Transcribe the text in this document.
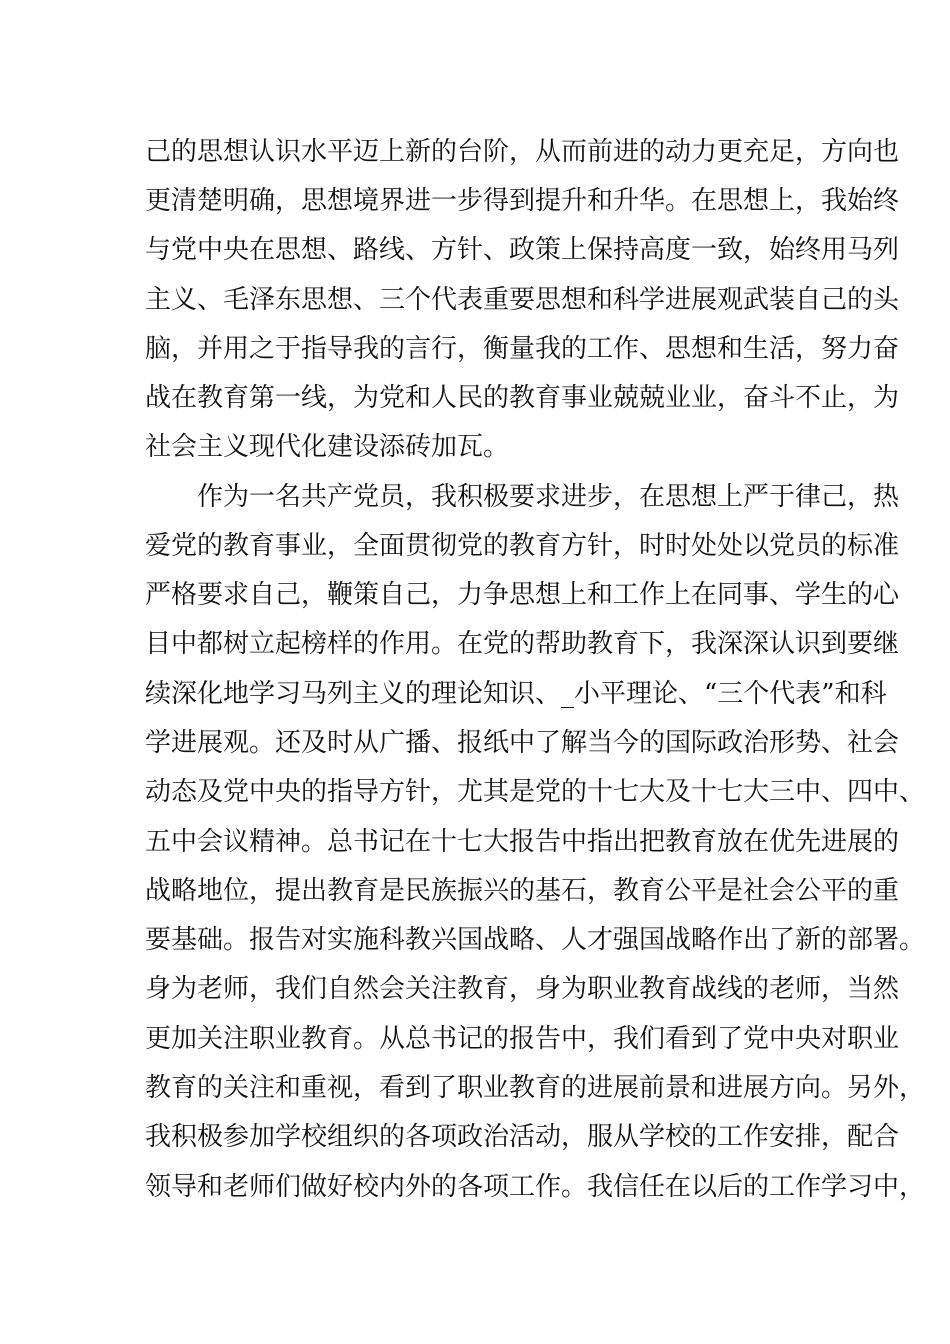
己的思想认识水平迈上新的台阶，从而前进的动力更充足，方向也

更清楚明确，思想境界进一步得到提升和升华。在思想上，我始终

与党中央在思想、路线、方针、政策上保持高度一致，始终用马列

主义、毛泽东思想、三个代表重要思想和科学进展观武装自己的头

脑，并用之于指导我的言行，衡量我的工作、思想和生活，努力奋

战在教育第一线，为党和人民的教育事业兢兢业业，奋斗不止，为

社会主义现代化建设添砖加瓦。

作为一名共产党员，我积极要求进步，在思想上严于律己，热

爱党的教育事业，全面贯彻党的教育方针，时时处处以党员的标准

严格要求自己，鞭策自己，力争思想上和工作上在同事、学生的心

目中都树立起榜样的作用。在党的帮助教育下，我深深认识到要继

续深化地学习马列主义的理论知识、_小平理论、“三个代表”和科

学进展观。还及时从广播、报纸中了解当今的国际政治形势、社会

动态及党中央的指导方针，尤其是党的十七大及十七大三中、四中、

五中会议精神。总书记在十七大报告中指出把教育放在优先进展的

战略地位，提出教育是民族振兴的基石，教育公平是社会公平的重

要基础。报告对实施科教兴国战略、人才强国战略作出了新的部署。

身为老师，我们自然会关注教育，身为职业教育战线的老师，当然

更加关注职业教育。从总书记的报告中，我们看到了党中央对职业

教育的关注和重视，看到了职业教育的进展前景和进展方向。另外，

我积极参加学校组织的各项政治活动，服从学校的工作安排，配合

领导和老师们做好校内外的各项工作。我信任在以后的工作学习中，
